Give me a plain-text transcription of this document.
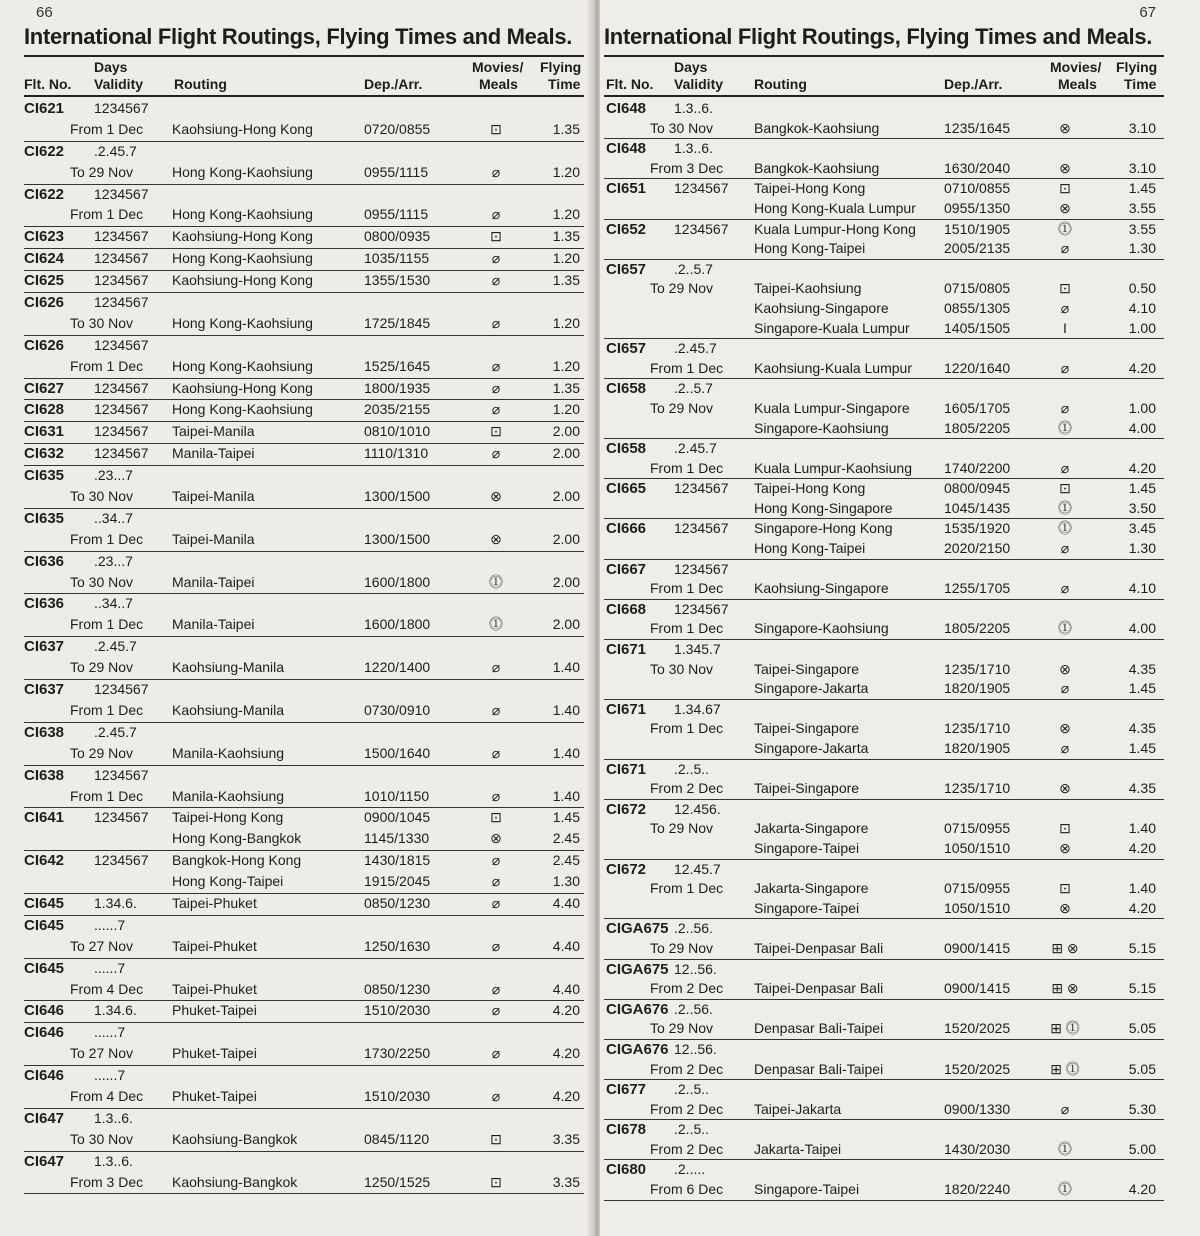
66
International Flight Routings, Flying Times and Meals.
Flt. No.
Days
Validity Routing	Dep./Arr.
Movies/
Meals
Flying
Time
CI621 1234567
From 1 Dec Kaohsiung-Hong Kong	0720/0855	⊡	1.35
CI622 .2.45.7
To 29 Nov	Hong Kong-Kaohsiung	0955/1115	⌀	1.20
CI622 1234567
From 1 Dec Hong Kong-Kaohsiung	0955/1115	⌀	1.20
CI623 1234567 Kaohsiung-Hong Kong	0800/0935	⊡	1.35
CI624 1234567 Hong Kong-Kaohsiung	1035/1155	⌀	1.20
CI625 1234567 Kaohsiung-Hong Kong	1355/1530	⌀	1.35
CI626 1234567
To 30 Nov	Hong Kong-Kaohsiung	1725/1845	⌀	1.20
CI626 1234567
From 1 Dec Hong Kong-Kaohsiung	1525/1645	⌀	1.20
CI627 1234567 Kaohsiung-Hong Kong	1800/1935	⌀	1.35
CI628 1234567 Hong Kong-Kaohsiung	2035/2155	⌀	1.20
CI631 1234567 Taipei-Manila	0810/1010	⊡	2.00
CI632 1234567 Manila-Taipei	1110/1310	⌀	2.00
CI635 .23...7
To 30 Nov	Taipei-Manila	1300/1500	⊗	2.00
CI635 ..34..7
From 1 Dec Taipei-Manila	1300/1500	⊗	2.00
CI636 .23...7
To 30 Nov	Manila-Taipei	1600/1800	⓵	2.00
CI636 ..34..7
From 1 Dec Manila-Taipei	1600/1800	⓵	2.00
CI637 .2.45.7
To 29 Nov	Kaohsiung-Manila	1220/1400	⌀	1.40
CI637 1234567
From 1 Dec Kaohsiung-Manila	0730/0910	⌀	1.40
CI638 .2.45.7
To 29 Nov	Manila-Kaohsiung	1500/1640	⌀	1.40
CI638 1234567
From 1 Dec Manila-Kaohsiung	1010/1150	⌀	1.40
CI641 1234567 Taipei-Hong Kong	0900/1045	⊡	1.45
Hong Kong-Bangkok	1145/1330	⊗	2.45
CI642 1234567 Bangkok-Hong Kong	1430/1815	⌀	2.45
Hong Kong-Taipei	1915/2045	⌀	1.30
CI645 1.34.6.	Taipei-Phuket	0850/1230	⌀	4.40
CI645 ......7
To 27 Nov	Taipei-Phuket	1250/1630	⌀	4.40
CI645 ......7
From 4 Dec Taipei-Phuket	0850/1230	⌀	4.40
CI646 1.34.6.	Phuket-Taipei	1510/2030	⌀	4.20
CI646 ......7
To 27 Nov	Phuket-Taipei	1730/2250	⌀	4.20
CI646 ......7
From 4 Dec Phuket-Taipei	1510/2030	⌀	4.20
CI647 1.3..6.
To 30 Nov	Kaohsiung-Bangkok	0845/1120	⊡	3.35
CI647 1.3..6.
From 3 Dec Kaohsiung-Bangkok	1250/1525	⊡	3.35
67
International Flight Routings, Flying Times and Meals.
Flt. No.
Days
Validity Routing	Dep./Arr.
Movies/
Meals
Flying
Time
CI648 1.3..6.
To 30 Nov	Bangkok-Kaohsiung	1235/1645	⊗	3.10
CI648 1.3..6.
From 3 Dec Bangkok-Kaohsiung	1630/2040	⊗	3.10
CI651 1234567 Taipei-Hong Kong	0710/0855	⊡	1.45
Hong Kong-Kuala Lumpur 0955/1350	⊗	3.55
CI652 1234567 Kuala Lumpur-Hong Kong 1510/1905	⓵	3.55
Hong Kong-Taipei	2005/2135	⌀	1.30
CI657 .2..5.7
To 29 Nov	Taipei-Kaohsiung	0715/0805	⊡	0.50
Kaohsiung-Singapore	0855/1305	⌀	4.10
Singapore-Kuala Lumpur 1405/1505	I	1.00
CI657 .2.45.7
From 1 Dec Kaohsiung-Kuala Lumpur 1220/1640	⌀	4.20
CI658 .2..5.7
To 29 Nov	Kuala Lumpur-Singapore 1605/1705	⌀	1.00
Singapore-Kaohsiung	1805/2205	⓵	4.00
CI658 .2.45.7
From 1 Dec Kuala Lumpur-Kaohsiung 1740/2200	⌀	4.20
CI665 1234567 Taipei-Hong Kong	0800/0945	⊡	1.45
Hong Kong-Singapore	1045/1435	⓵	3.50
CI666 1234567 Singapore-Hong Kong	1535/1920	⓵	3.45
Hong Kong-Taipei	2020/2150	⌀	1.30
CI667 1234567
From 1 Dec Kaohsiung-Singapore	1255/1705	⌀	4.10
CI668 1234567
From 1 Dec Singapore-Kaohsiung	1805/2205	⓵	4.00
CI671 1.345.7
To 30 Nov	Taipei-Singapore	1235/1710	⊗	4.35
Singapore-Jakarta	1820/1905	⌀	1.45
CI671 1.34.67
From 1 Dec Taipei-Singapore	1235/1710	⊗	4.35
Singapore-Jakarta	1820/1905	⌀	1.45
CI671 .2..5..
From 2 Dec Taipei-Singapore	1235/1710	⊗	4.35
CI672 12.456.
To 29 Nov	Jakarta-Singapore	0715/0955	⊡	1.40
Singapore-Taipei	1050/1510	⊗	4.20
CI672 12.45.7
From 1 Dec Jakarta-Singapore	0715/0955	⊡	1.40
Singapore-Taipei	1050/1510	⊗	4.20
CIGA675 .2..56.
To 29 Nov	Taipei-Denpasar Bali	0900/1415	⊞ ⊗	5.15
CIGA675 12..56.
From 2 Dec Taipei-Denpasar Bali	0900/1415	⊞ ⊗	5.15
CIGA676 .2..56.
To 29 Nov	Denpasar Bali-Taipei	1520/2025	⊞ ⓵	5.05
CIGA676 12..56.
From 2 Dec Denpasar Bali-Taipei	1520/2025	⊞ ⓵	5.05
CI677 .2..5..
From 2 Dec Taipei-Jakarta	0900/1330	⌀	5.30
CI678 .2..5..
From 2 Dec Jakarta-Taipei	1430/2030	⓵	5.00
CI680 .2.....
From 6 Dec Singapore-Taipei	1820/2240	⓵	4.20
